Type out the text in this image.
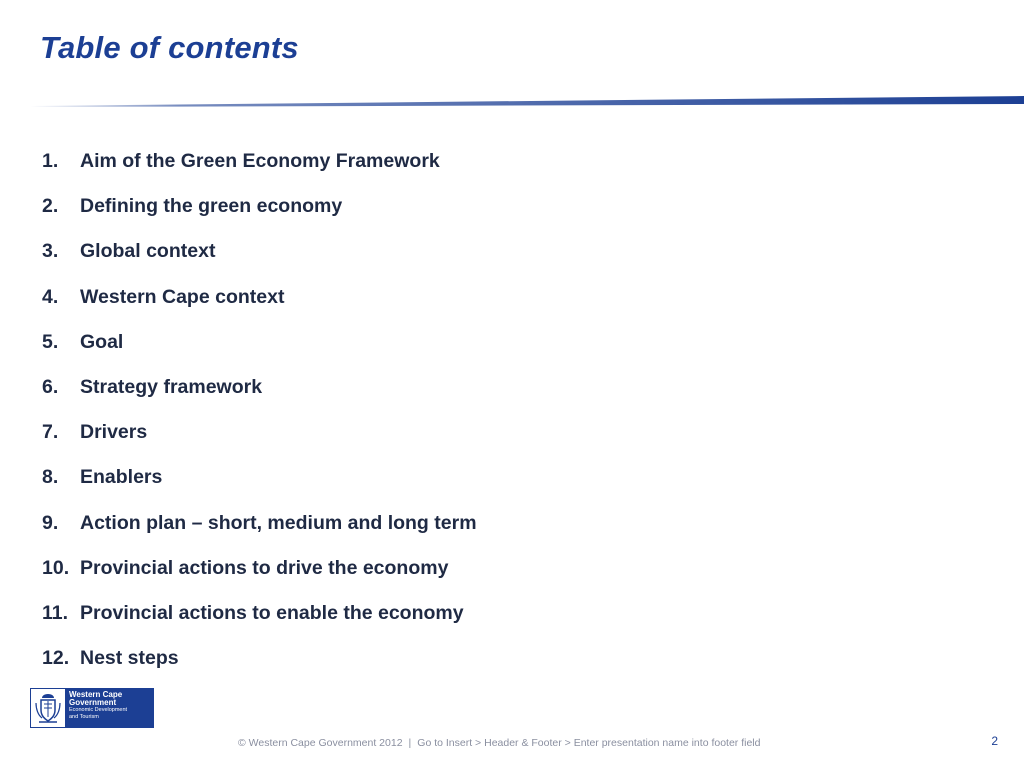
Table of contents
1.	Aim of the Green Economy Framework
2.	Defining the green economy
3.	Global context
4.	Western Cape context
5.	Goal
6.	Strategy framework
7.	Drivers
8.	Enablers
9.	Action plan – short, medium and long term
10. Provincial actions to drive the economy
11. Provincial actions to enable the economy
12. Nest steps
Western Cape
Government
Economic Development
and Tourism
© Western Cape Government 2012 | Go to Insert > Header & Footer > Enter presentation name into footer field	2
